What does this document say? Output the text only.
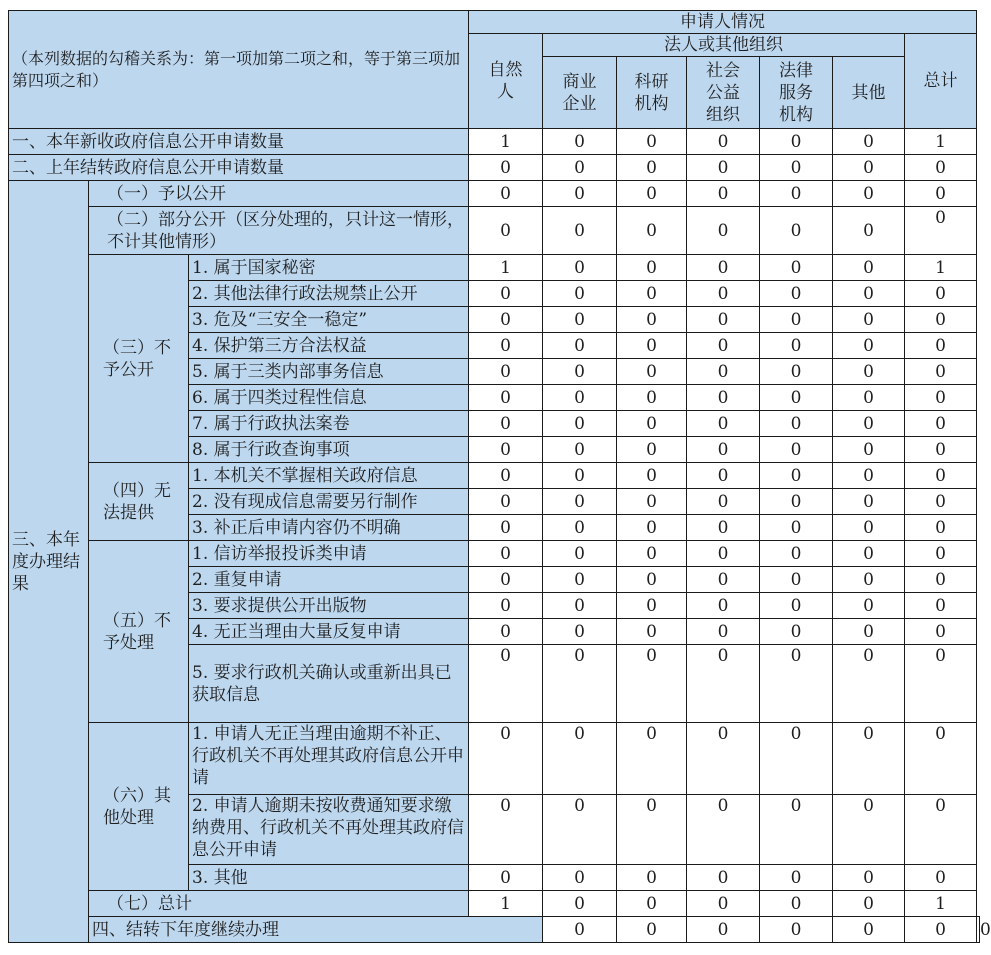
（本列数据的勾稽关系为：第一项加第二项之和，等于第三项加第四项之和）			申请人情况							
			自然人	法人或其他组织					总计	
				商业企业	科研机构	社会公益组织	法律服务机构	其他		

一、本年新收政府信息公开申请数量			1	0	0	0	0	0	1	
二、上年结转政府信息公开申请数量			0	0	0	0	0	0	0	
三、本年度办理结果	（一）予以公开		0	0	0	0	0	0	0	
	（二）部分公开（区分处理的，只计这一情形，不计其他情形）		0	0	0	0	0	0	0	
	（三）不予公开	1. 属于国家秘密	1	0	0	0	0	0	1	
		2. 其他法律行政法规禁止公开	0	0	0	0	0	0	0	
		3. 危及“三安全一稳定”	0	0	0	0	0	0	0	
		4. 保护第三方合法权益	0	0	0	0	0	0	0	
		5. 属于三类内部事务信息	0	0	0	0	0	0	0	
		6. 属于四类过程性信息	0	0	0	0	0	0	0	
		7. 属于行政执法案卷	0	0	0	0	0	0	0	
		8. 属于行政查询事项	0	0	0	0	0	0	0	
	（四）无法提供	1. 本机关不掌握相关政府信息	0	0	0	0	0	0	0	
		2. 没有现成信息需要另行制作	0	0	0	0	0	0	0	
		3. 补正后申请内容仍不明确	0	0	0	0	0	0	0	
	（五）不予处理	1. 信访举报投诉类申请	0	0	0	0	0	0	0	
		2. 重复申请	0	0	0	0	0	0	0	
		3. 要求提供公开出版物	0	0	0	0	0	0	0	
		4. 无正当理由大量反复申请	0	0	0	0	0	0	0	
		5. 要求行政机关确认或重新出具已获取信息	0	0	0	0	0	0	0	
	（六）其他处理	1. 申请人无正当理由逾期不补正、行政机关不再处理其政府信息公开申请	0	0	0	0	0	0	0	
		2. 申请人逾期未按收费通知要求缴纳费用、行政机关不再处理其政府信息公开申请	0	0	0	0	0	0	0	
		3. 其他	0	0	0	0	0	0	0	
	（七）总计		1	0	0	0	0	0	1	
	四、结转下年度继续办理			0	0	0	0	0	0	0
